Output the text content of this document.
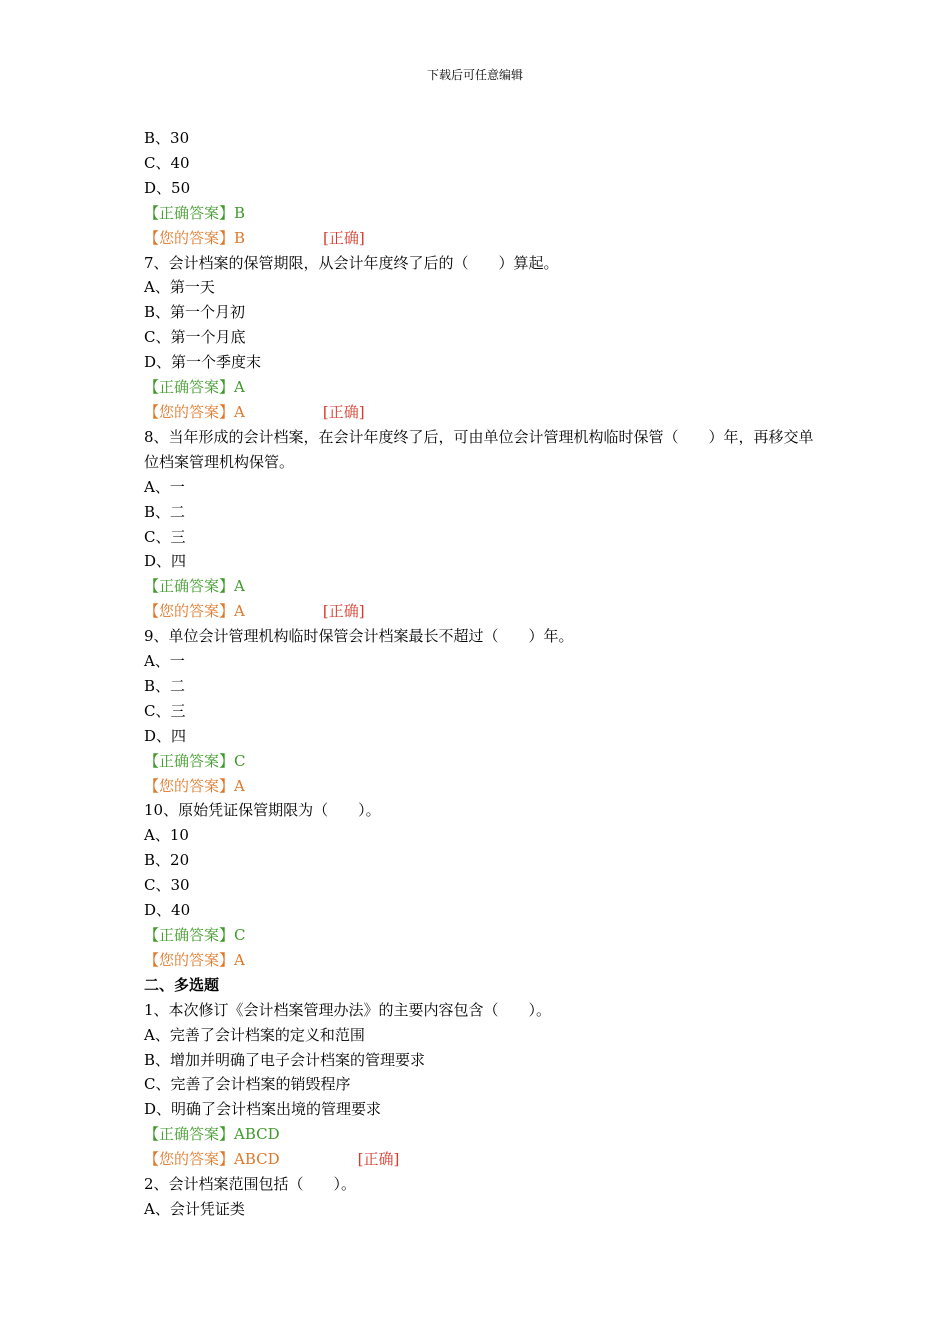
下载后可任意编辑
B、30
C、40
D、50
【正确答案】B
【您的答案】B	[正确]
7、会计档案的保管期限，从会计年度终了后的（　　）算起。
A、第一天
B、第一个月初
C、第一个月底
D、第一个季度末
【正确答案】A
【您的答案】A	[正确]
8、当年形成的会计档案，在会计年度终了后，可由单位会计管理机构临时保管（　　）年，再移交单位档案管理机构保管。
A、一
B、二
C、三
D、四
【正确答案】A
【您的答案】A	[正确]
9、单位会计管理机构临时保管会计档案最长不超过（　　）年。
A、一
B、二
C、三
D、四
【正确答案】C
【您的答案】A
10、原始凭证保管期限为（　　）。
A、10
B、20
C、30
D、40
【正确答案】C
【您的答案】A
二、多选题
1、本次修订《会计档案管理办法》的主要内容包含（　　）。
A、完善了会计档案的定义和范围
B、增加并明确了电子会计档案的管理要求
C、完善了会计档案的销毁程序
D、明确了会计档案出境的管理要求
【正确答案】ABCD
【您的答案】ABCD	[正确]
2、会计档案范围包括（　　）。
A、会计凭证类
